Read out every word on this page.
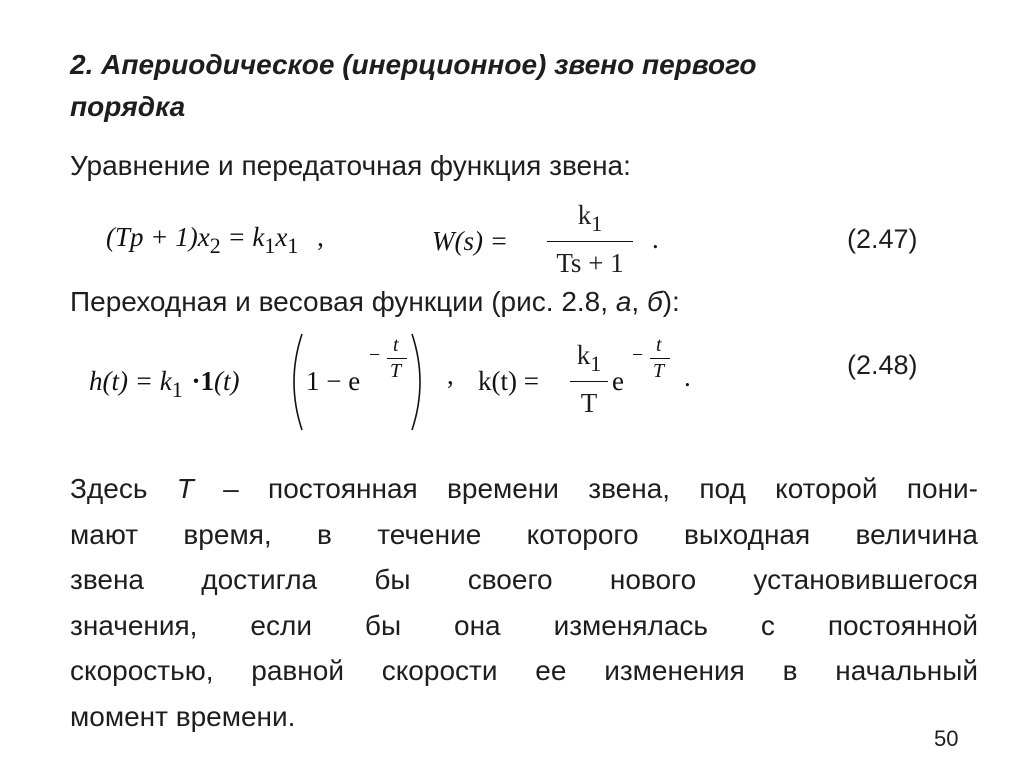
2. Апериодическое (инерционное) звено первого
порядка
Уравнение и передаточная функция звена:
$(Tp + 1)x_2 = k_1x_1$ ,	W(s) =
$k_1$
Ts + 1
.	(2.47)
Переходная и весовая функции (рис. 2.8, а, б):
$h(t) = k_1 \cdot 1(t) 1 - e$
− t
T , k(t) =
$k_1$
T
e
− t
T .	(2.48)
Здесь T – постоянная времени звена, под которой пони-
мают время, в течение которого выходная величина
звена достигла бы своего нового установившегося
значения, если бы она изменялась с постоянной
скоростью, равной скорости ее изменения в начальный
момент времени.
50
